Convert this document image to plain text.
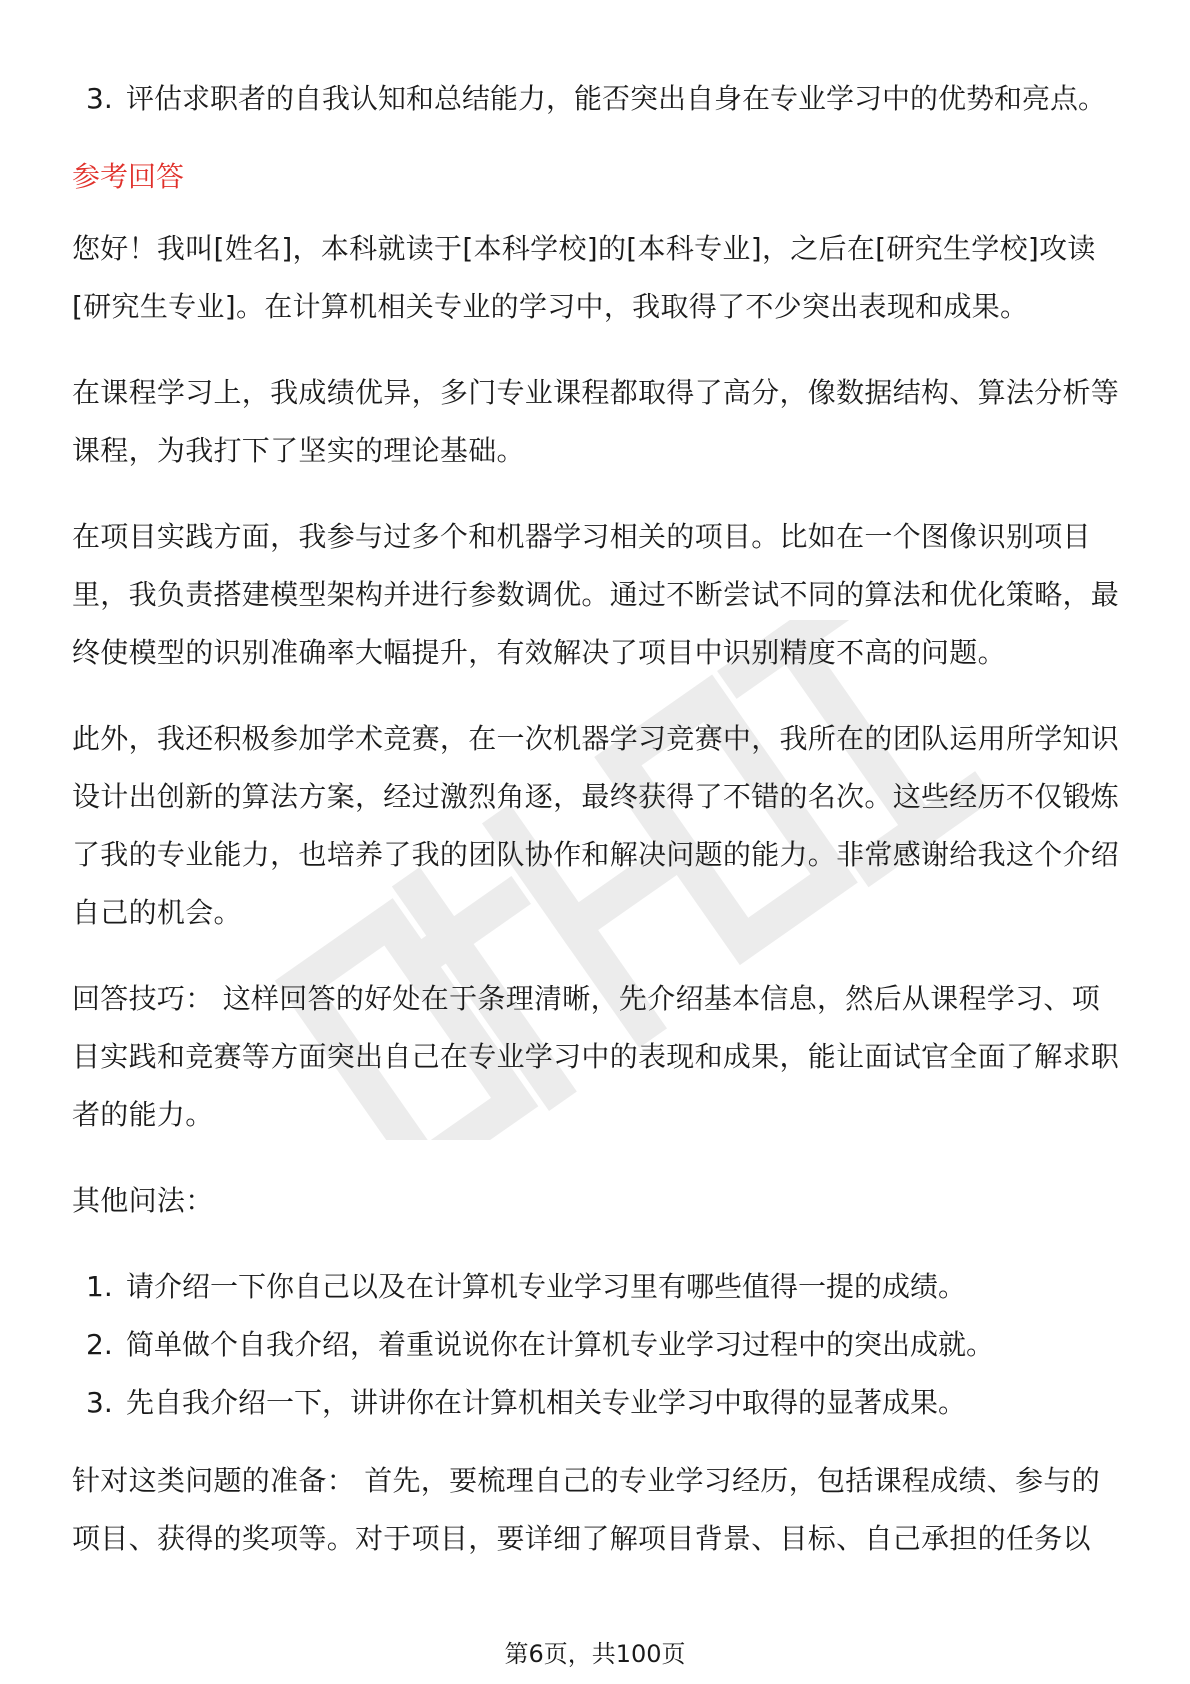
3. 评估求职者的自我认知和总结能力，能否突出自身在专业学习中的优势和亮点。
参考回答

您好！我叫[姓名]，本科就读于[本科学校]的[本科专业]，之后在[研究生学校]攻读[研究生专业]。在计算机相关专业的学习中，我取得了不少突出表现和成果。

在课程学习上，我成绩优异，多门专业课程都取得了高分，像数据结构、算法分析等课程，为我打下了坚实的理论基础。

在项目实践方面，我参与过多个和机器学习相关的项目。比如在一个图像识别项目里，我负责搭建模型架构并进行参数调优。通过不断尝试不同的算法和优化策略，最终使模型的识别准确率大幅提升，有效解决了项目中识别精度不高的问题。

此外，我还积极参加学术竞赛，在一次机器学习竞赛中，我所在的团队运用所学知识设计出创新的算法方案，经过激烈角逐，最终获得了不错的名次。这些经历不仅锻炼了我的专业能力，也培养了我的团队协作和解决问题的能力。非常感谢给我这个介绍自己的机会。

回答技巧： 这样回答的好处在于条理清晰，先介绍基本信息，然后从课程学习、项目实践和竞赛等方面突出自己在专业学习中的表现和成果，能让面试官全面了解求职者的能力。

其他问法：

1. 请介绍一下你自己以及在计算机专业学习里有哪些值得一提的成绩。
2. 简单做个自我介绍，着重说说你在计算机专业学习过程中的突出成就。
3. 先自我介绍一下，讲讲你在计算机相关专业学习中取得的显著成果。

针对这类问题的准备： 首先，要梳理自己的专业学习经历，包括课程成绩、参与的项目、获得的奖项等。对于项目，要详细了解项目背景、目标、自己承担的任务以

第6页，共100页
